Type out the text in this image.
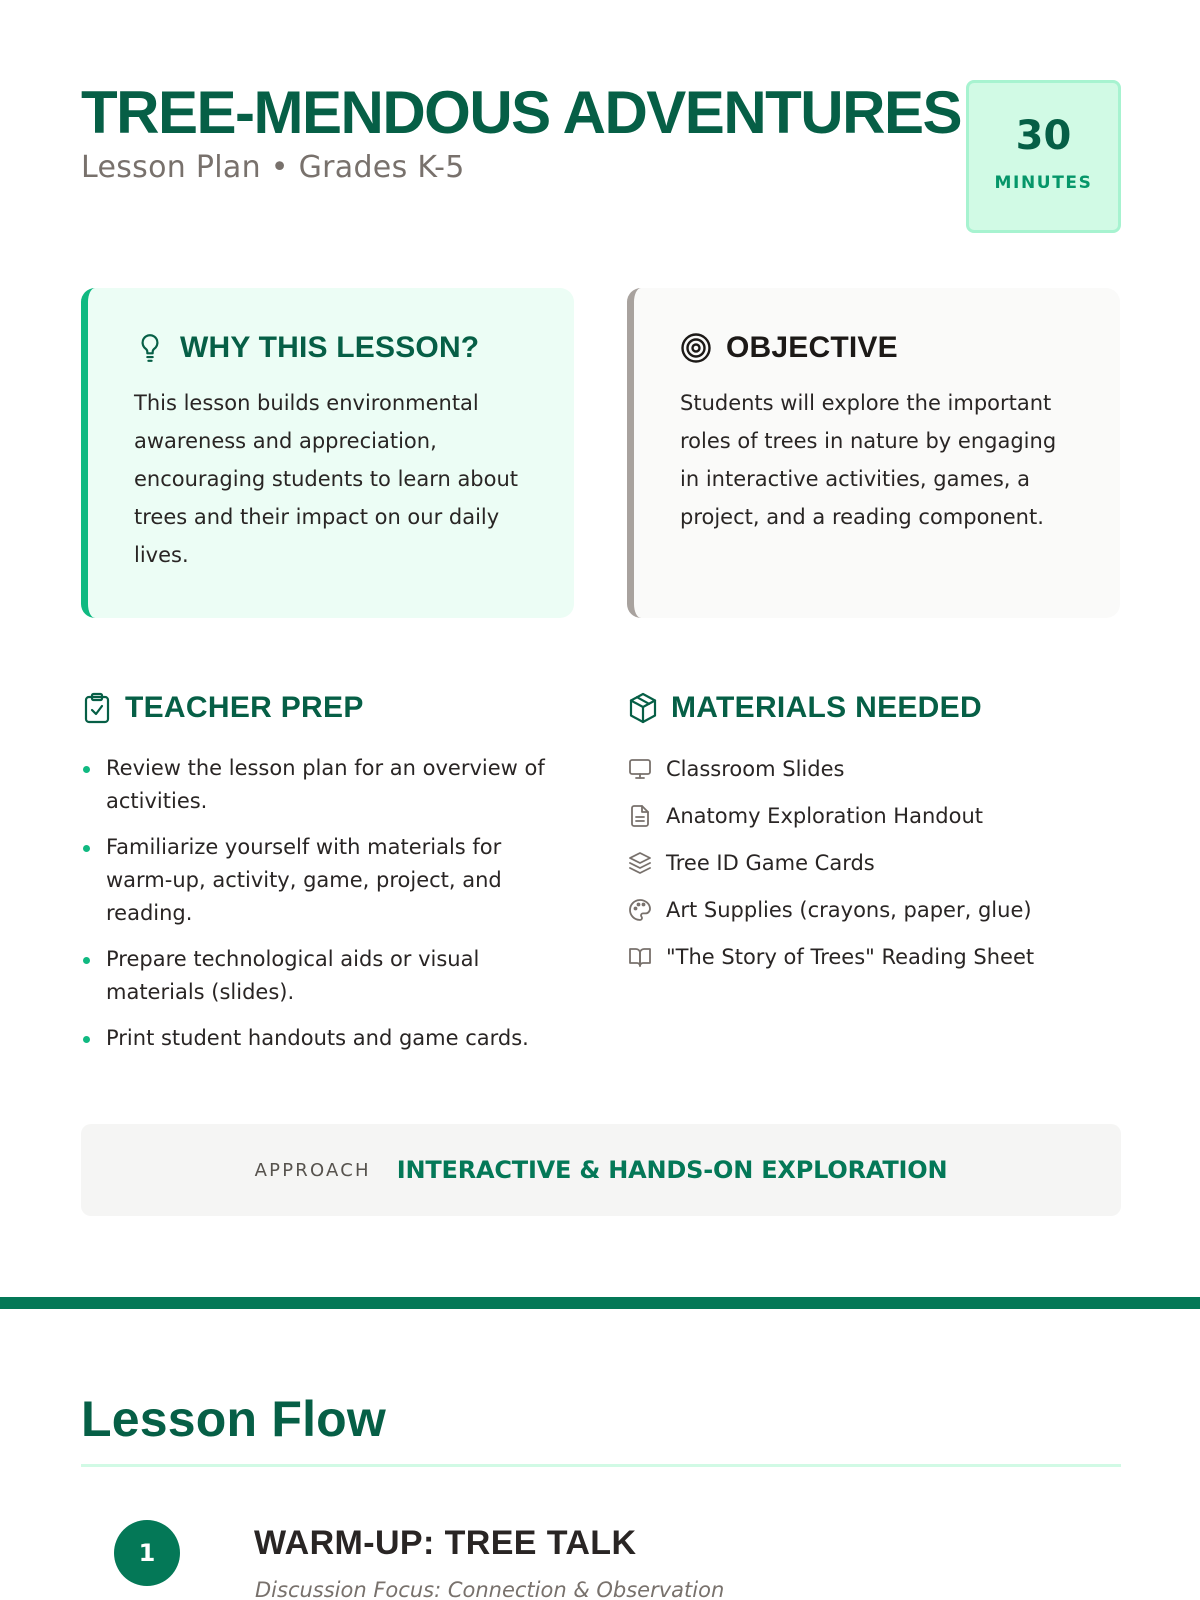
TREE-MENDOUS ADVENTURES
Lesson Plan • Grades K-5
30
MINUTES
WHY THIS LESSON?

This lesson builds environmental awareness and appreciation, encouraging students to learn about trees and their impact on our daily lives.

OBJECTIVE

Students will explore the important roles of trees in nature by engaging in interactive activities, games, a project, and a reading component.

TEACHER PREP
Review the lesson plan for an overview of activities.
Familiarize yourself with materials for warm-up, activity, game, project, and reading.
Prepare technological aids or visual materials (slides).
Print student handouts and game cards.
MATERIALS NEEDED
Classroom Slides
Anatomy Exploration Handout
Tree ID Game Cards
Art Supplies (crayons, paper, glue)
"The Story of Trees" Reading Sheet
APPROACH INTERACTIVE & HANDS-ON EXPLORATION
Lesson Flow
1	WARM-UP: TREE TALK
Discussion Focus: Connection & Observation
